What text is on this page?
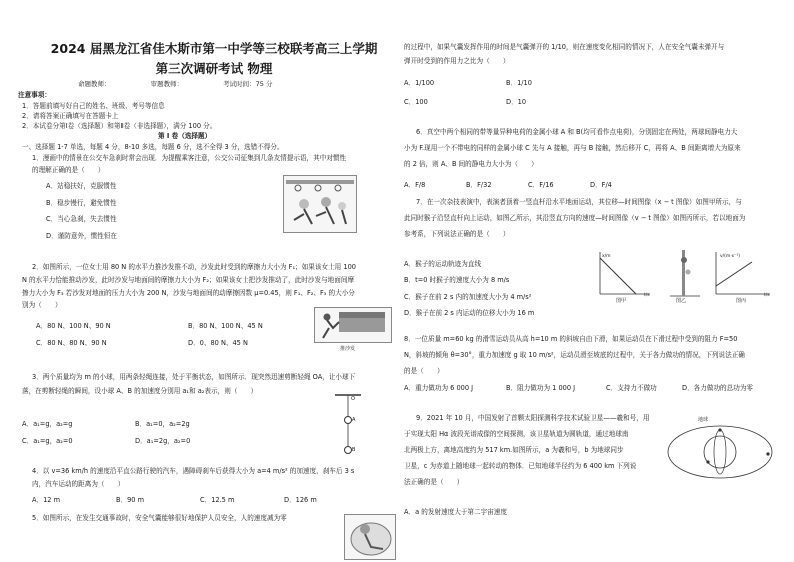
2024 届黑龙江省佳木斯市第一中学等三校联考高三上学期
第三次调研考试 物理
命题教师：	审题教师：	考试时间：75 分
注意事项：
1．答题前填写好自己的姓名、班级、考号等信息
2．请将答案正确填写在答题卡上
2．本试卷分第Ⅰ卷（选择题）和第Ⅱ卷（非选择题），满分 100 分。
第 Ⅰ 卷（选择题）
一、选择题 1-7 单选，每题 4 分，8-10 多选，每题 6 分，选不全得 3 分，选错不得分。
1．漫画中的情景在公交车急刹时常会出现．为提醒乘客注意，公交公司征集到几条友情提示语，其中对惯性
的理解正确的是（　　）
A．站稳扶好，克服惯性
B．稳步慢行，避免惯性
C．当心急刹，失去惯性
D．谨防意外，惯性恒在
2．如图所示，一位女士用 80 N 的水平力推沙发推不动，沙发此时受到的摩擦力大小为 F₁；如果该女士用 100
N 的水平力恰能推动沙发，此时沙发与地面间的摩擦力大小为 F₂；如果该女士把沙发推动了，此时沙发与地面间摩
擦力大小为 F₃ 若沙发对地面的压力大小为 200 N，沙发与地面间的动摩擦因数 μ=0.45，则 F₁、F₂、F₃ 的大小分
别为（　　）
A．80 N、100 N、90 N	B．80 N、100 N、45 N
C．80 N、80 N、90 N	D．0、80 N、45 N
推沙发
3．两个质量均为 m 的小球，用两条轻绳连接，处于平衡状态，如图所示．现突然迅速剪断轻绳 OA，让小球下
落，在剪断轻绳的瞬间，设小球 A、B 的加速度分别用 a₁和 a₂表示，则（　　）
A．a₁=g，a₂=g	B．a₁=0，a₂=2g
C．a₁=g，a₂=0	D．a₁=2g，a₂=0
O
A
B
4．以 v=36 km/h 的速度沿平直公路行驶的汽车，遇障碍刹车后获得大小为 a=4 m/s² 的加速度，刹车后 3 s
内，汽车运动的距离为（　　）
A．12 m	B．90 m	C．12.5 m	D．126 m
5．如图所示，在发生交通事故时，安全气囊能够很好地保护人员安全，人的速度减为零
的过程中，如果气囊发挥作用的时间是气囊弹开的 1/10，则在速度变化相同的情况下，人在安全气囊未弹开与
弹开时受到的作用力之比为（　　）
A．1/100	B．1/10
C．100	D．10
6．真空中两个相同的带等量异种电荷的金属小球 A 和 B(均可看作点电荷)，分别固定在两处，两球间静电力大
小为 F.现用一个不带电的同样的金属小球 C 先与 A 接触，再与 B 接触，然后移开 C，再将 A、B 间距离增大为原来
的 2 倍，则 A、B 间的静电力大小为（　　）
A．F/8	B．F/32	C．F/16	D．F/4
7．在一次杂技表演中，表演者顶着一竖直杆沿水平地面运动，其位移—时间图像（x − t 图像）如图甲所示，与
此同时猴子沿竖直杆向上运动，如图乙所示，其沿竖直方向的速度—时间图像（v − t 图像）如图丙所示，若以地面为
参考系，下列说法正确的是（　　）
A．猴子的运动轨迹为直线
B．t=0 时猴子的速度大小为 8 m/s
C．猴子在前 2 s 内的加速度大小为 4 m/s²
D．猴子在前 2 s 内运动的位移大小为 16 m
x/m
t/s
图甲	图乙
v/(m·s⁻¹)
t/s
图丙
8．一位质量 m=60 kg 的滑雪运动员从高 h=10 m 的斜坡自由下滑，如果运动员在下滑过程中受到的阻力 F=50
N，斜坡的倾角 θ=30°，重力加速度 g 取 10 m/s²，运动员滑至坡底的过程中，关于各力做功的情况，下列说法正确
的是（　　）
A．重力做功为 6 000 J	B．阻力做功为 1 000 J	C．支持力不做功	D．各力做功的总功为零
9．2021 年 10 月，中国发射了首颗太阳探测科学技术试验卫星——羲和号，用
于实现太阳 Hα 波段光谱成像的空间探测，该卫星轨道为圆轨道，通过地球南
北两极上方，离地高度约为 517 km.如图所示，a 为羲和号，b 为地球同步
卫星，c 为赤道上随地球一起转动的物体．已知地球半径约为 6 400 km 下列说
法正确的是（　　）
A．a 的发射速度大于第二宇宙速度
地球
